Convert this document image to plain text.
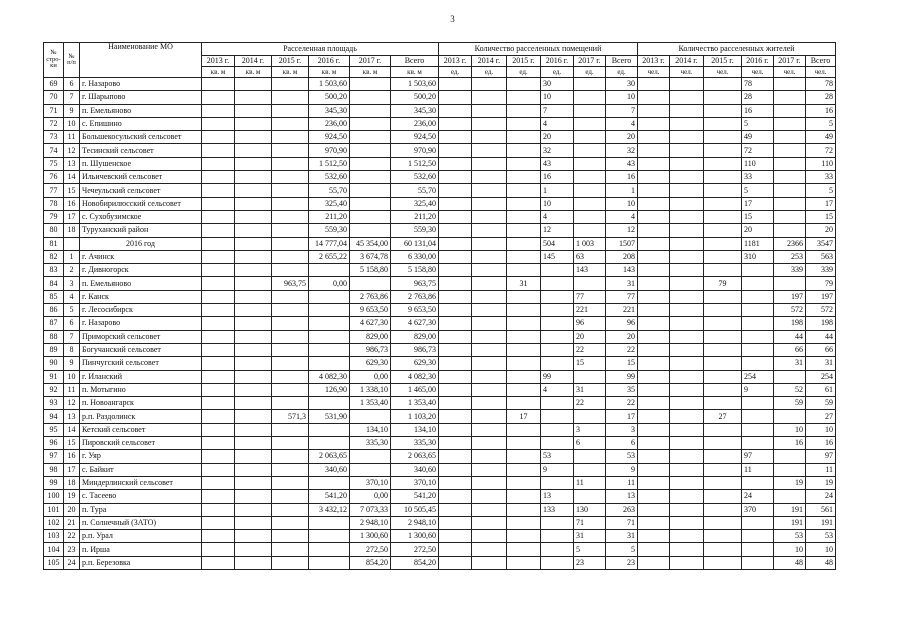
3
№ стро-ки	№ п/п	Наименование МО	Расселенная площадь						Количество расселенных помещений						Количество расселенных жителей					
			2013 г.	2014 г.	2015 г.	2016 г.	2017 г.	Всего	2013 г.	2014 г.	2015 г.	2016 г.	2017 г.	Всего	2013 г.	2014 г.	2015 г.	2016 г.	2017 г.	Всего
			кв. м	кв. м	кв. м	кв. м	кв. м	кв. м	ед.	ед.	ед.	ед.	ед.	ед.	чел.	чел.	чел.	чел.	чел.	чел.
69	6	г. Назарово				1 503,60		1 503,60				30		30				78		78
70	7	г. Шарыпово				500,20		500,20				10		10				28		28
71	9	п. Емельяново				345,30		345,30				7		7				16		16
72	10	с. Епишино				236,00		236,00				4		4				5		5
73	11	Большекосульский сельсовет				924,50		924,50				20		20				49		49
74	12	Тесинский сельсовет				970,90		970,90				32		32				72		72
75	13	п. Шушенское				1 512,50		1 512,50				43		43				110		110
76	14	Ильичевский сельсовет				532,60		532,60				16		16				33		33
77	15	Чечеульский сельсовет				55,70		55,70				1		1				5		5
78	16	Новобирилюсский сельсовет				325,40		325,40				10		10				17		17
79	17	с. Сухобузимское				211,20		211,20				4		4				15		15
80	18	Туруханский район				559,30		559,30				12		12				20		20
81		2016 год				14 777,04	45 354,00	60 131,04				504	1 003	1507				1181	2366	3547
82	1	г. Ачинск				2 655,22	3 674,78	6 330,00				145	63	208				310	253	563
83	2	г. Дивногорск					5 158,80	5 158,80					143	143					339	339
84	3	п. Емельяново			963,75	0,00		963,75			31			31			79			79
85	4	г. Канск					2 763,86	2 763,86					77	77					197	197
86	5	г. Лесосибирск					9 653,50	9 653,50					221	221					572	572
87	6	г. Назарово					4 627,30	4 627,30					96	96					198	198
88	7	Приморский сельсовет					829,00	829,00					20	20					44	44
89	8	Богучанский сельсовет					986,73	986,73					22	22					66	66
90	9	Пинчугский сельсовет					629,30	629,30					15	15					31	31
91	10	г. Иланский				4 082,30	0,00	4 082,30				99		99				254		254
92	11	п. Мотыгино				126,90	1 338,10	1 465,00				4	31	35				9	52	61
93	12	п. Новоангарск					1 353,40	1 353,40					22	22					59	59
94	13	р.п. Раздолинск			571,3	531,90		1 103,20			17			17			27			27
95	14	Кетский сельсовет					134,10	134,10					3	3					10	10
96	15	Пировский сельсовет					335,30	335,30					6	6					16	16
97	16	г. Уяр				2 063,65		2 063,65				53		53				97		97
98	17	с. Байкит				340,60		340,60				9		9				11		11
99	18	Миндерлинский сельсовет					370,10	370,10					11	11					19	19
100	19	с. Тасеево				541,20	0,00	541,20				13		13				24		24
101	20	п. Тура				3 432,12	7 073,33	10 505,45				133	130	263				370	191	561
102	21	п. Солнечный (ЗАТО)					2 948,10	2 948,10					71	71					191	191
103	22	р.п. Урал					1 300,60	1 300,60					31	31					53	53
104	23	п. Ирша					272,50	272,50					5	5					10	10
105	24	р.п. Березовка					854,20	854,20					23	23					48	48
